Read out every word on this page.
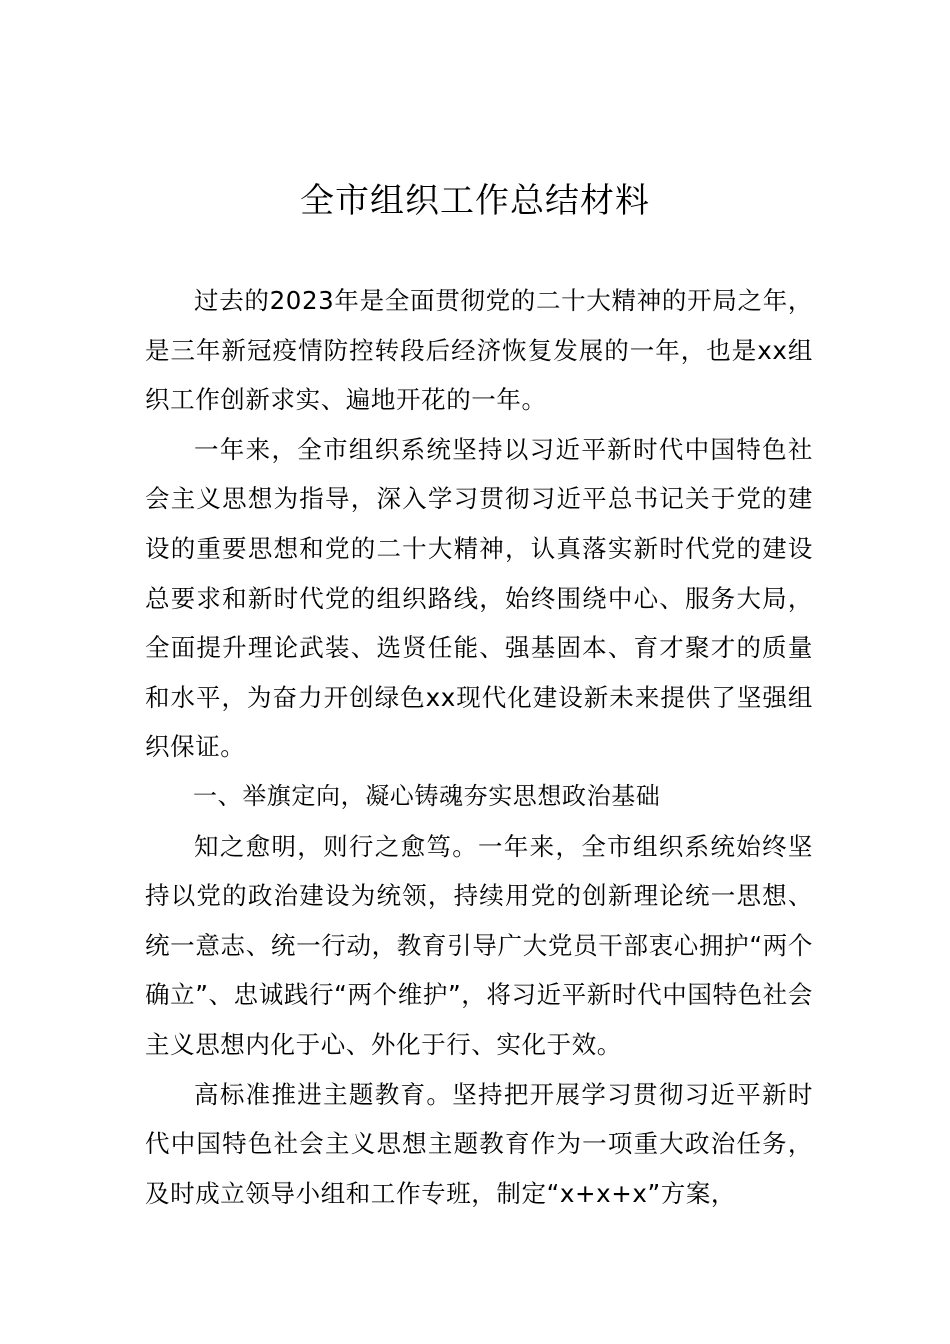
全市组织工作总结材料

过去的2023年是全面贯彻党的二十大精神的开局之年，是三年新冠疫情防控转段后经济恢复发展的一年，也是xx组织工作创新求实、遍地开花的一年。

一年来，全市组织系统坚持以习近平新时代中国特色社会主义思想为指导，深入学习贯彻习近平总书记关于党的建设的重要思想和党的二十大精神，认真落实新时代党的建设总要求和新时代党的组织路线，始终围绕中心、服务大局，全面提升理论武装、选贤任能、强基固本、育才聚才的质量和水平，为奋力开创绿色xx现代化建设新未来提供了坚强组织保证。

一、举旗定向，凝心铸魂夯实思想政治基础

知之愈明，则行之愈笃。一年来，全市组织系统始终坚持以党的政治建设为统领，持续用党的创新理论统一思想、统一意志、统一行动，教育引导广大党员干部衷心拥护“两个确立”、忠诚践行“两个维护”，将习近平新时代中国特色社会主义思想内化于心、外化于行、实化于效。

高标准推进主题教育。坚持把开展学习贯彻习近平新时代中国特色社会主义思想主题教育作为一项重大政治任务，及时成立领导小组和工作专班，制定“x+x+x”方案，
